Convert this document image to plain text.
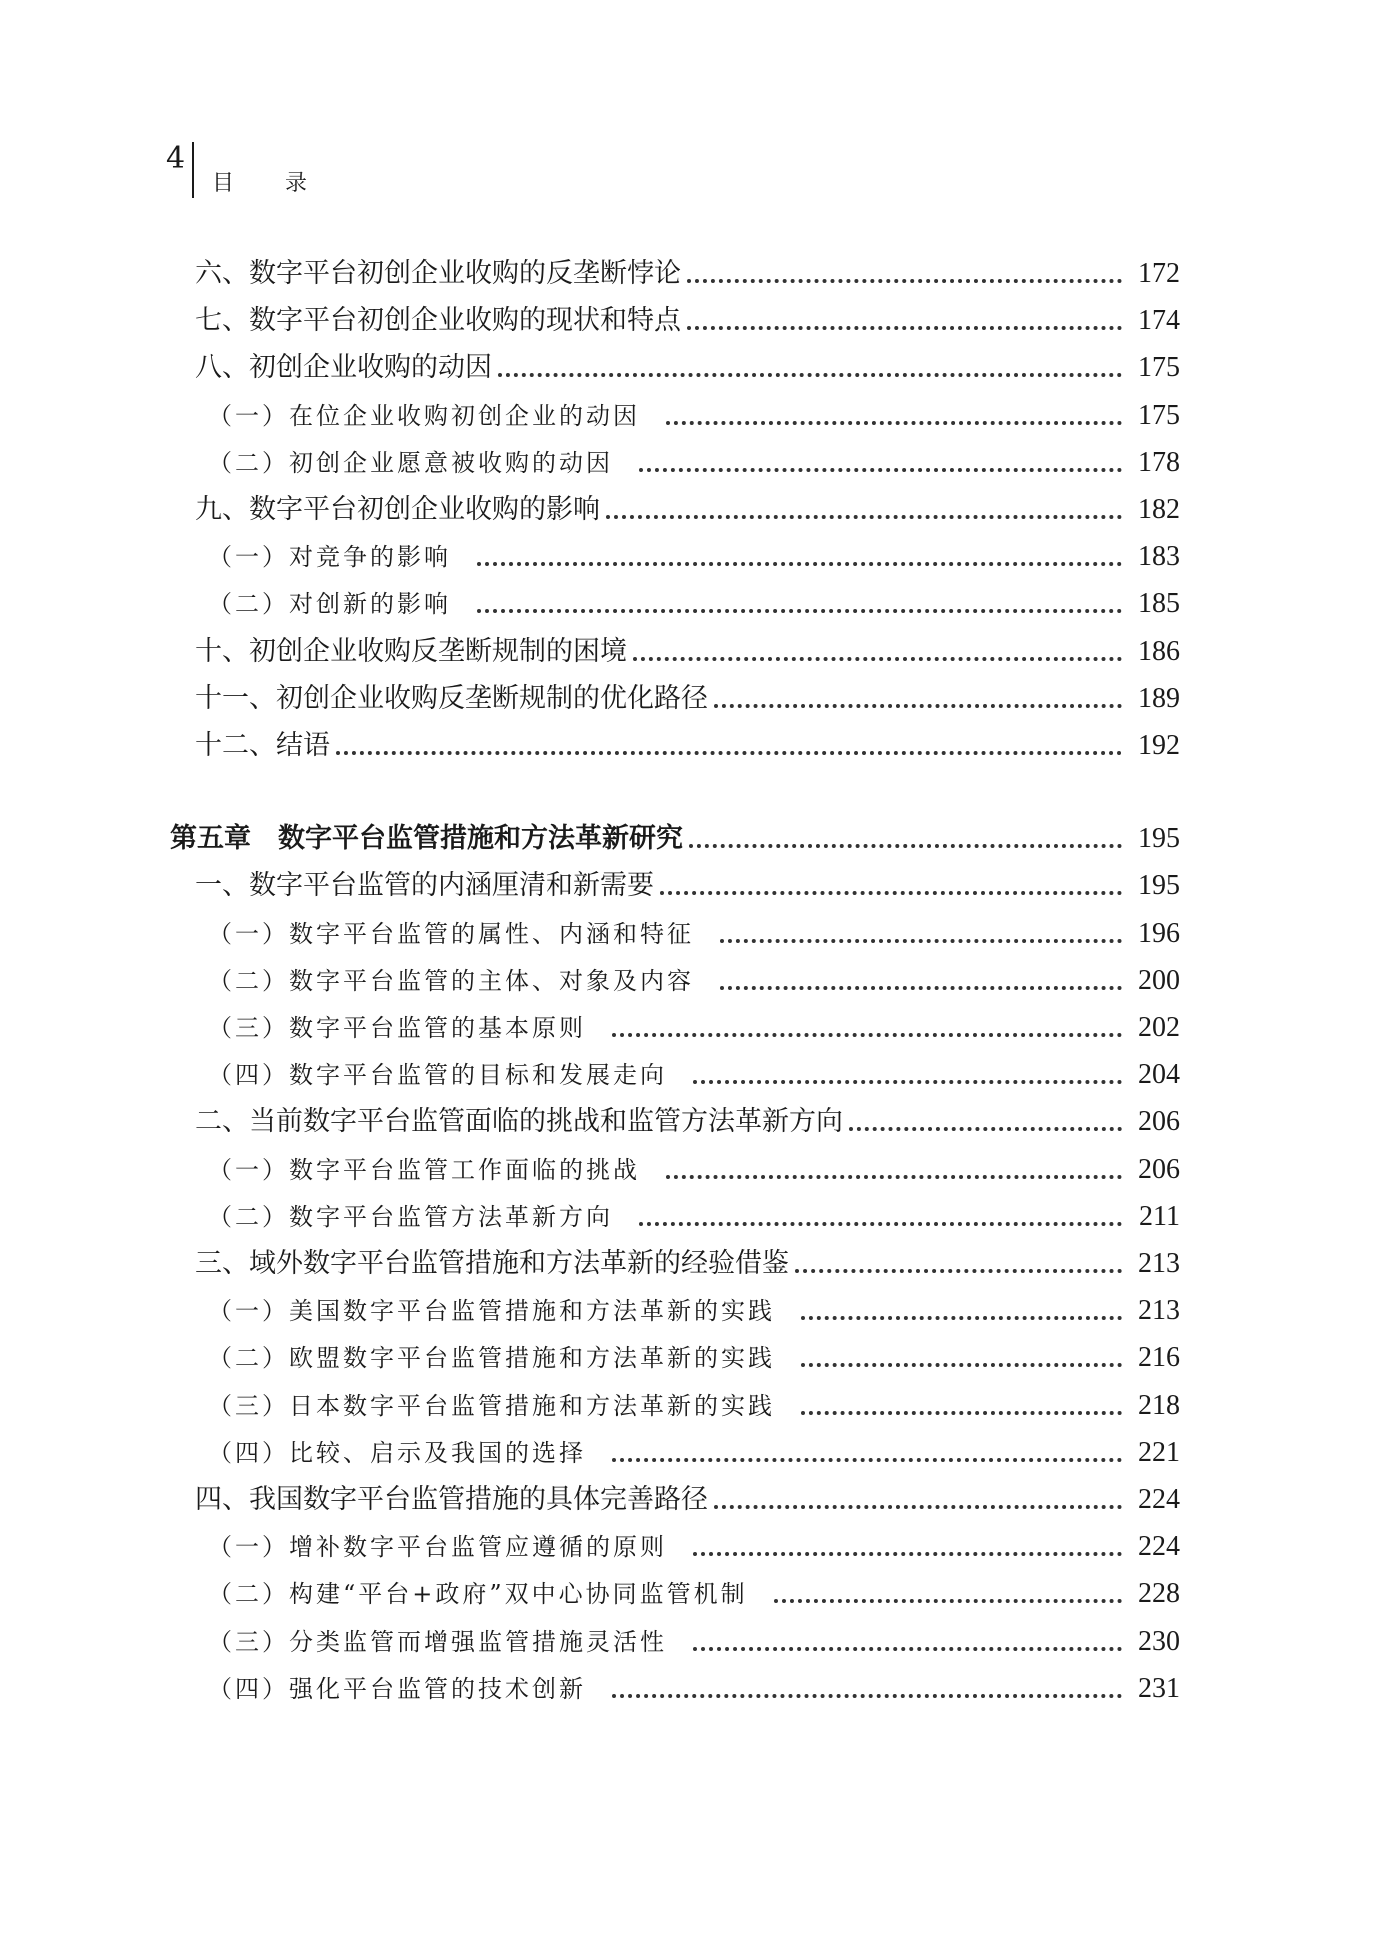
4
目 录
六、数字平台初创企业收购的反垄断悖论	172
七、数字平台初创企业收购的现状和特点	174
八、初创企业收购的动因	175
（一）在位企业收购初创企业的动因	175
（二）初创企业愿意被收购的动因	178
九、数字平台初创企业收购的影响	182
（一）对竞争的影响	183
（二）对创新的影响	185
十、初创企业收购反垄断规制的困境	186
十一、初创企业收购反垄断规制的优化路径	189
十二、结语	192
第五章　数字平台监管措施和方法革新研究	195
一、数字平台监管的内涵厘清和新需要	195
（一）数字平台监管的属性、内涵和特征	196
（二）数字平台监管的主体、对象及内容	200
（三）数字平台监管的基本原则	202
（四）数字平台监管的目标和发展走向	204
二、当前数字平台监管面临的挑战和监管方法革新方向	206
（一）数字平台监管工作面临的挑战	206
（二）数字平台监管方法革新方向	211
三、域外数字平台监管措施和方法革新的经验借鉴	213
（一）美国数字平台监管措施和方法革新的实践	213
（二）欧盟数字平台监管措施和方法革新的实践	216
（三）日本数字平台监管措施和方法革新的实践	218
（四）比较、启示及我国的选择	221
四、我国数字平台监管措施的具体完善路径	224
（一）增补数字平台监管应遵循的原则	224
（二）构建“平台+政府”双中心协同监管机制	228
（三）分类监管而增强监管措施灵活性	230
（四）强化平台监管的技术创新	231
